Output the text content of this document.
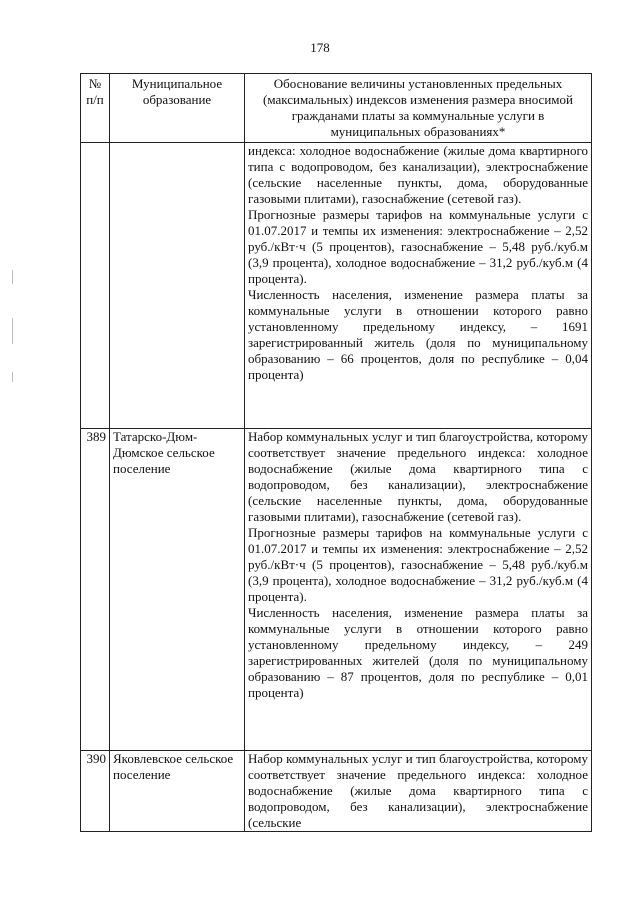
178
№ п/п	Муниципальное образование	Обоснование величины установленных предельных (максимальных) индексов изменения размера вносимой гражданами платы за коммунальные услуги в муниципальных образованиях*

		индекса: холодное водоснабжение (жилые дома квартирного типа с водопроводом, без канализации), электроснабжение (сельские населенные пункты, дома, оборудованные газовыми плитами), газоснабжение (сетевой газ).

Прогнозные размеры тарифов на коммунальные услуги с 01.07.2017 и темпы их изменения: электроснабжение – 2,52 руб./кВт·ч (5 процентов), газоснабжение – 5,48 руб./куб.м (3,9 процента), холодное водоснабжение – 31,2 руб./куб.м (4 процента).

Численность населения, изменение размера платы за коммунальные услуги в отношении которого равно установленному предельному индексу, – 1691 зарегистрированный житель (доля по муниципальному образованию – 66 процентов, доля по республике – 0,04 процента)

389	Татарско-Дюм-Дюмское сельское поселение	Набор коммунальных услуг и тип благоустройства, которому соответствует значение предельного индекса: холодное водоснабжение (жилые дома квартирного типа с водопроводом, без канализации), электроснабжение (сельские населенные пункты, дома, оборудованные газовыми плитами), газоснабжение (сетевой газ).

Прогнозные размеры тарифов на коммунальные услуги с 01.07.2017 и темпы их изменения: электроснабжение – 2,52 руб./кВт·ч (5 процентов), газоснабжение – 5,48 руб./куб.м (3,9 процента), холодное водоснабжение – 31,2 руб./куб.м (4 процента).

Численность населения, изменение размера платы за коммунальные услуги в отношении которого равно установленному предельному индексу, – 249 зарегистрированных жителей (доля по муниципальному образованию – 87 процентов, доля по республике – 0,01 процента)

390	Яковлевское сельское поселение	Набор коммунальных услуг и тип благоустройства, которому соответствует значение предельного индекса: холодное водоснабжение (жилые дома квартирного типа с водопроводом, без канализации), электроснабжение (сельские
